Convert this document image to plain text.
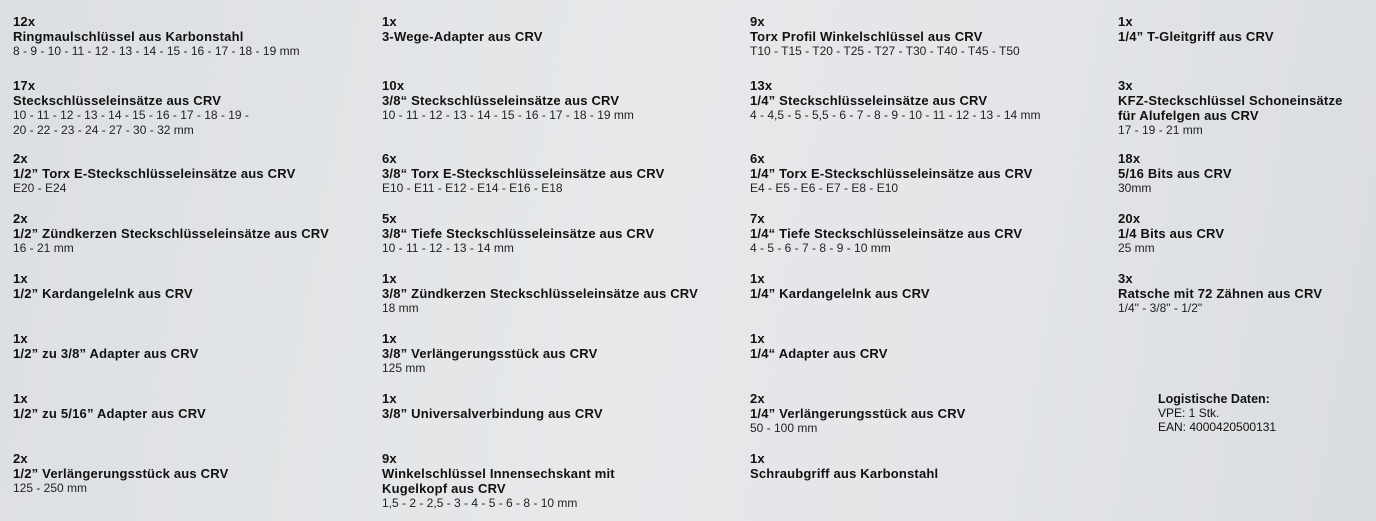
12x
Ringmaulschlüssel aus Karbonstahl
8 - 9 - 10 - 11 - 12 - 13 - 14 - 15 - 16 - 17 - 18 - 19 mm
17x
Steckschlüsseleinsätze aus CRV
10 - 11 - 12 - 13 - 14 - 15 - 16 - 17 - 18 - 19 -
20 - 22 - 23 - 24 - 27 - 30 - 32 mm
2x
1/2” Torx E-Steckschlüsseleinsätze aus CRV
E20 - E24
2x
1/2” Zündkerzen Steckschlüsseleinsätze aus CRV
16 - 21 mm
1x
1/2” Kardangelelnk aus CRV
1x
1/2” zu 3/8” Adapter aus CRV
1x
1/2” zu 5/16” Adapter aus CRV
2x
1/2” Verlängerungsstück aus CRV
125 - 250 mm
1x
3-Wege-Adapter aus CRV
10x
3/8“ Steckschlüsseleinsätze aus CRV
10 - 11 - 12 - 13 - 14 - 15 - 16 - 17 - 18 - 19 mm
6x
3/8“ Torx E-Steckschlüsseleinsätze aus CRV
E10 - E11 - E12 - E14 - E16 - E18
5x
3/8“ Tiefe Steckschlüsseleinsätze aus CRV
10 - 11 - 12 - 13 - 14 mm
1x
3/8” Zündkerzen Steckschlüsseleinsätze aus CRV
18 mm
1x
3/8” Verlängerungsstück aus CRV
125 mm
1x
3/8” Universalverbindung aus CRV
9x
Winkelschlüssel Innensechskant mit
Kugelkopf aus CRV
1,5 - 2 - 2,5 - 3 - 4 - 5 - 6 - 8 - 10 mm
9x
Torx Profil Winkelschlüssel aus CRV
T10 - T15 - T20 - T25 - T27 - T30 - T40 - T45 - T50
13x
1/4” Steckschlüsseleinsätze aus CRV
4 - 4,5 - 5 - 5,5 - 6 - 7 - 8 - 9 - 10 - 11 - 12 - 13 - 14 mm
6x
1/4” Torx E-Steckschlüsseleinsätze aus CRV
E4 - E5 - E6 - E7 - E8 - E10
7x
1/4“ Tiefe Steckschlüsseleinsätze aus CRV
4 - 5 - 6 - 7 - 8 - 9 - 10 mm
1x
1/4” Kardangelelnk aus CRV
1x
1/4“ Adapter aus CRV
2x
1/4” Verlängerungsstück aus CRV
50 - 100 mm
1x
Schraubgriff aus Karbonstahl
1x
1/4” T-Gleitgriff aus CRV
3x
KFZ-Steckschlüssel Schoneinsätze
für Alufelgen aus CRV
17 - 19 - 21 mm
18x
5/16 Bits aus CRV
30mm
20x
1/4 Bits aus CRV
25 mm
3x
Ratsche mit 72 Zähnen aus CRV
1/4" - 3/8" - 1/2"
Logistische Daten:
VPE: 1 Stk.
EAN: 4000420500131
